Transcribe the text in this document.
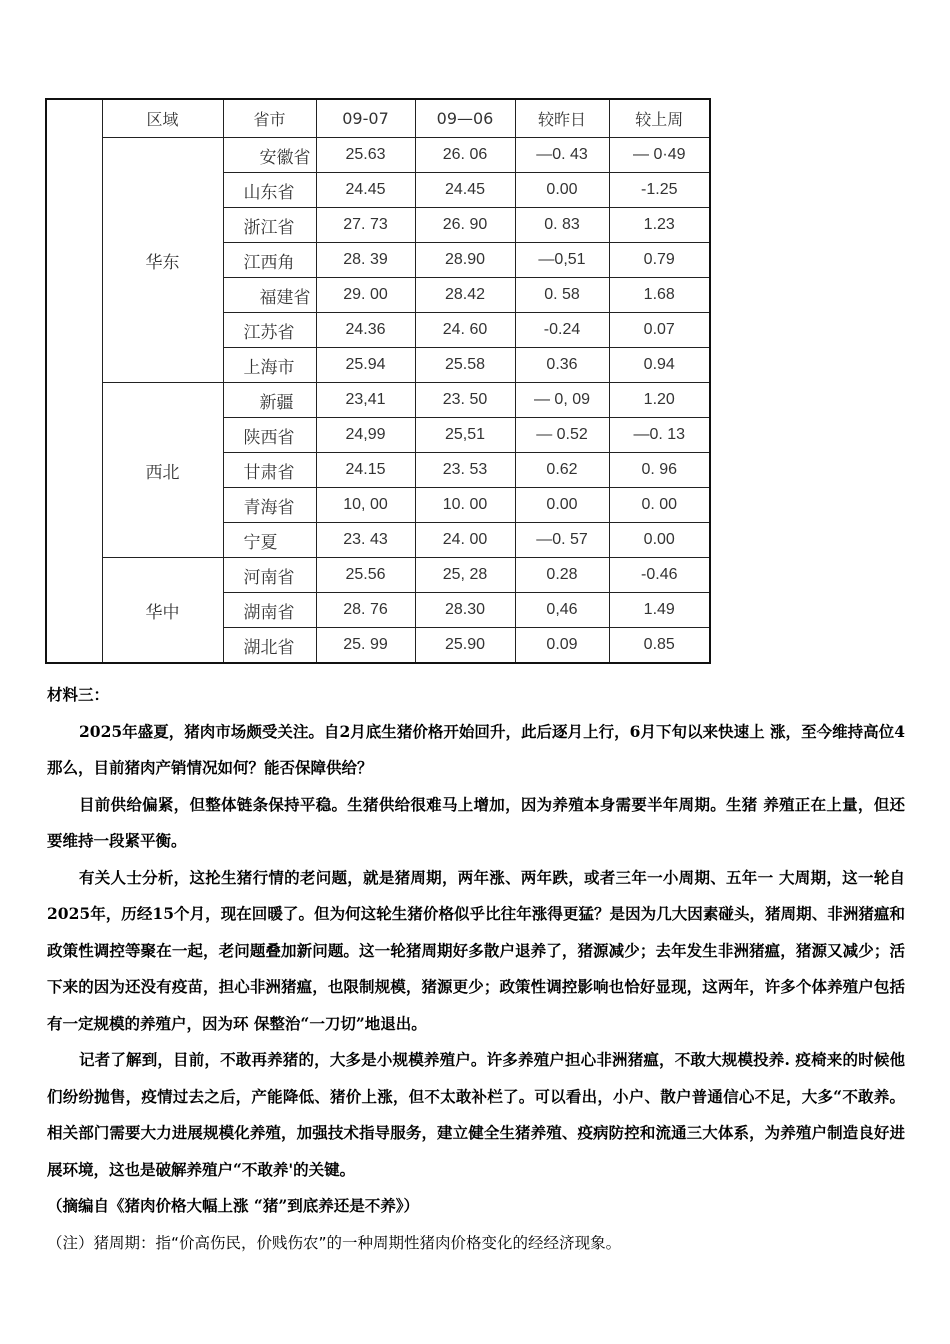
	区域	省市	09-07	09—06	较昨日	较上周
	华东	安徽省	25.63	26. 06	—0. 43	— 0·49
		山东省	24.45	24.45	0.00	-1.25
		浙江省	27. 73	26. 90	0. 83	1.23
		江西角	28. 39	28.90	—0,51	0.79
		福建省	29. 00	28.42	0. 58	1.68
		江苏省	24.36	24. 60	-0.24	0.07
		上海市	25.94	25.58	0.36	0.94
	西北	新疆	23,41	23. 50	— 0, 09	1.20
		陕西省	24,99	25,51	— 0.52	—0. 13
		甘肃省	24.15	23. 53	0.62	0. 96
		青海省	10, 00	10. 00	0.00	0. 00
		宁夏	23. 43	24. 00	—0. 57	0.00
	华中	河南省	25.56	25, 28	0.28	-0.46
		湖南省	28. 76	28.30	0,46	1.49
		湖北省	25. 99	25.90	0.09	0.85

材料三：

2025年盛夏，猪肉市场颇受关注。自2月底生猪价格开始回升，此后逐月上行，6月下旬以来快速上 涨，至今维持高位4那么，目前猪肉产销情况如何？能否保障供给？

目前供给偏紧，但整体链条保持平稳。生猪供给很难马上增加，因为养殖本身需要半年周期。生猪 养殖正在上量，但还要维持一段紧平衡。

有关人士分析，这抡生猪行情的老问题，就是猪周期，两年涨、两年跌，或者三年一小周期、五年一 大周期，这一轮自2025年，历经15个月，现在回暖了。但为何这轮生猪价格似乎比往年涨得更猛？是因为几大因素碰头，猪周期、非洲猪瘟和政策性调控等聚在一起，老问题叠加新问题。这一轮猪周期好多散户退养了，猪源减少；去年发生非洲猪瘟，猪源又减少；活下来的因为还没有疫苗，担心非洲猪瘟，也限制规模，猪源更少；政策性调控影响也恰好显现，这两年，许多个体养殖户包括有一定规模的养殖户，因为环 保整治“一刀切”地退出。

记者了解到，目前，不敢再养猪的，大多是小规模养殖户。许多养殖户担心非洲猪瘟，不敢大规模投养. 疫椅来的时候他们纷纷抛售，疫情过去之后，产能降低、猪价上涨，但不太敢补栏了。可以看出，小户、散户普通信心不足，大多“不敢养。相关部门需要大力进展规模化养殖，加强技术指导服务，建立健全生猪养殖、疫病防控和流通三大体系，为养殖户制造良好进展环境，这也是破解养殖户“不敢养'的关键。

（摘编自《猪肉价格大幅上涨 “猪”到底养还是不养》）

（注）猪周期：指“价高伤民，价贱伤农”的一种周期性猪肉价格变化的经经济现象。
